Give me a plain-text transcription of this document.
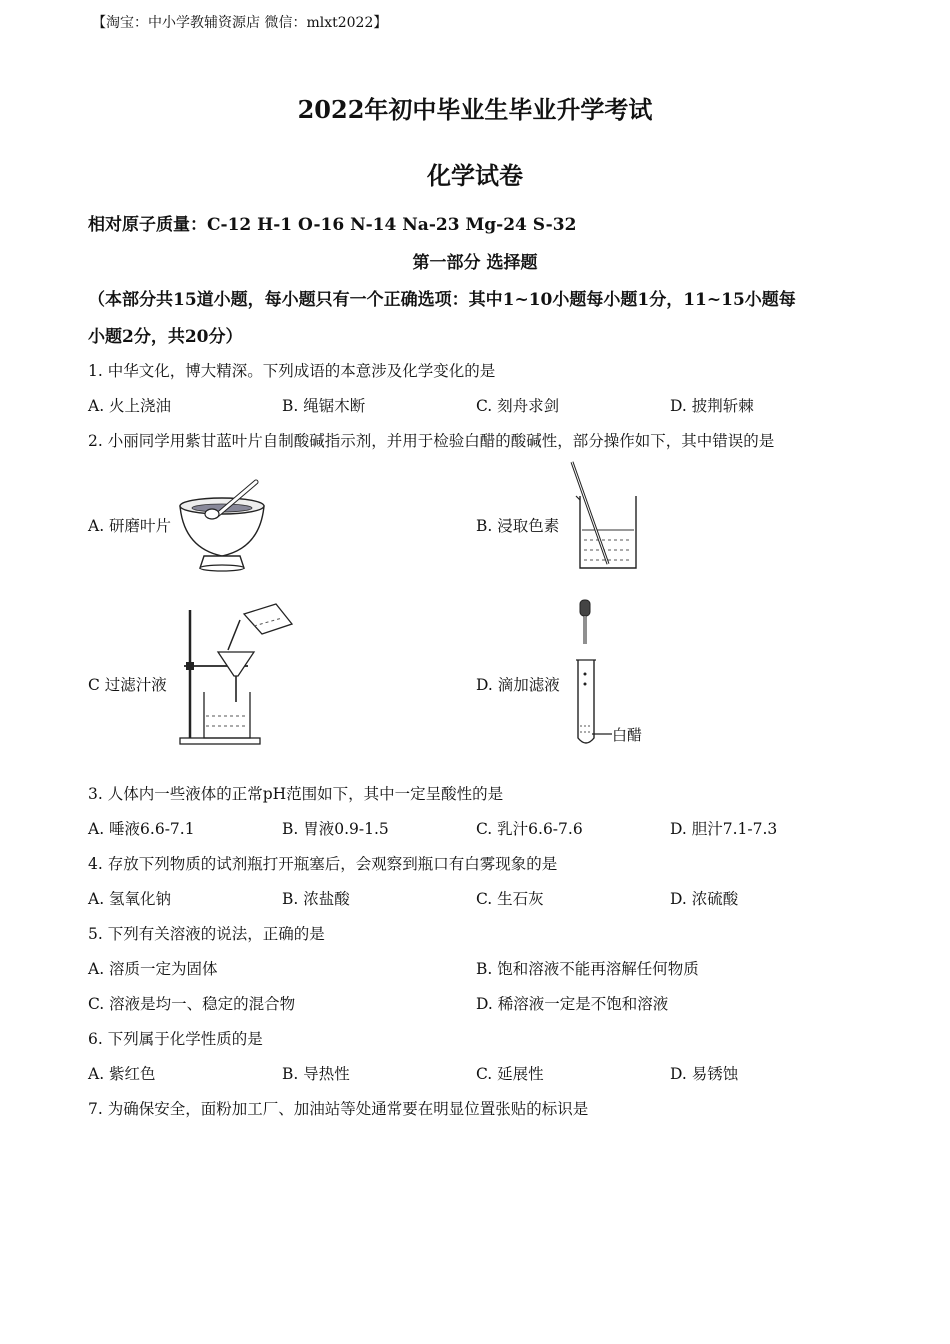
【淘宝：中小学教辅资源店 微信：mlxt2022】
2022年初中毕业生毕业升学考试
化学试卷
相对原子质量：C-12 H-1 O-16 N-14 Na-23 Mg-24 S-32
第一部分 选择题
（本部分共15道小题，每小题只有一个正确选项：其中1~10小题每小题1分，11~15小题每
小题2分，共20分）
1. 中华文化，博大精深。下列成语的本意涉及化学变化的是
A. 火上浇油	B. 绳锯木断	C. 刻舟求剑	D. 披荆斩棘
2. 小丽同学用紫甘蓝叶片自制酸碱指示剂，并用于检验白醋的酸碱性，部分操作如下，其中错误的是
A. 研磨叶片	B. 浸取色素
C 过滤汁液	D. 滴加滤液
白醋
3. 人体内一些液体的正常pH范围如下，其中一定呈酸性的是
A. 唾液6.6-7.1	B. 胃液0.9-1.5	C. 乳汁6.6-7.6	D. 胆汁7.1-7.3
4. 存放下列物质的试剂瓶打开瓶塞后，会观察到瓶口有白雾现象的是
A. 氢氧化钠	B. 浓盐酸	C. 生石灰	D. 浓硫酸
5. 下列有关溶液的说法，正确的是
A. 溶质一定为固体	B. 饱和溶液不能再溶解任何物质
C. 溶液是均一、稳定的混合物	D. 稀溶液一定是不饱和溶液
6. 下列属于化学性质的是
A. 紫红色	B. 导热性	C. 延展性	D. 易锈蚀
7. 为确保安全，面粉加工厂、加油站等处通常要在明显位置张贴的标识是
